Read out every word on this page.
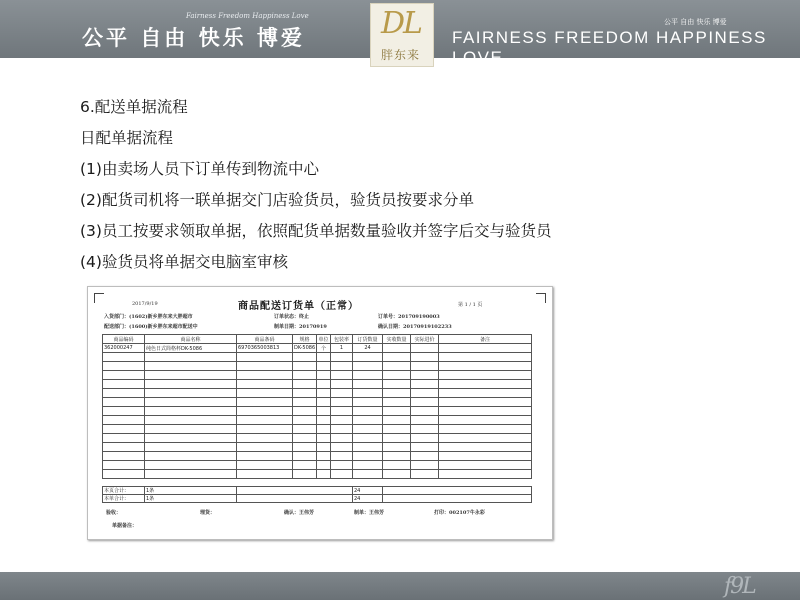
公平 自由 快乐 博爱
Fairness Freedom Happiness Love
FAIRNESS FREEDOM HAPPINESS LOVE
公平 自由 快乐 博爱
DL
胖东来
6.配送单据流程
日配单据流程
(1)由卖场人员下订单传到物流中心
(2)配货司机将一联单据交门店验货员，验货员按要求分单
(3)员工按要求领取单据，依照配货单据数量验收并签字后交与验货员
(4)验货员将单据交电脑室审核
2017/9/19	商品配送订货单（正常）	第 1 / 1 页
入货部门：(1602)新乡胖东来大胖超市	订单状态：终止	订单号：201709190003
配送部门：(1600)新乡胖东来超市配送中	制单日期：20170919	确认日期：20170919102233
商品编码	商品名称	商品条码	规格	单位	包装率	订货数量	实收数量	实际进价	备注
362000247	纯色日式简格杯DK-5086	6970365003813	DK-5086	个	1	24			

本页合计：	1条		24	
本单合计：	1条		24	
验收：	理货：	确认：王伟芳	制单：王伟芳	打印：002107牛永彩
单据备注：
f9L
